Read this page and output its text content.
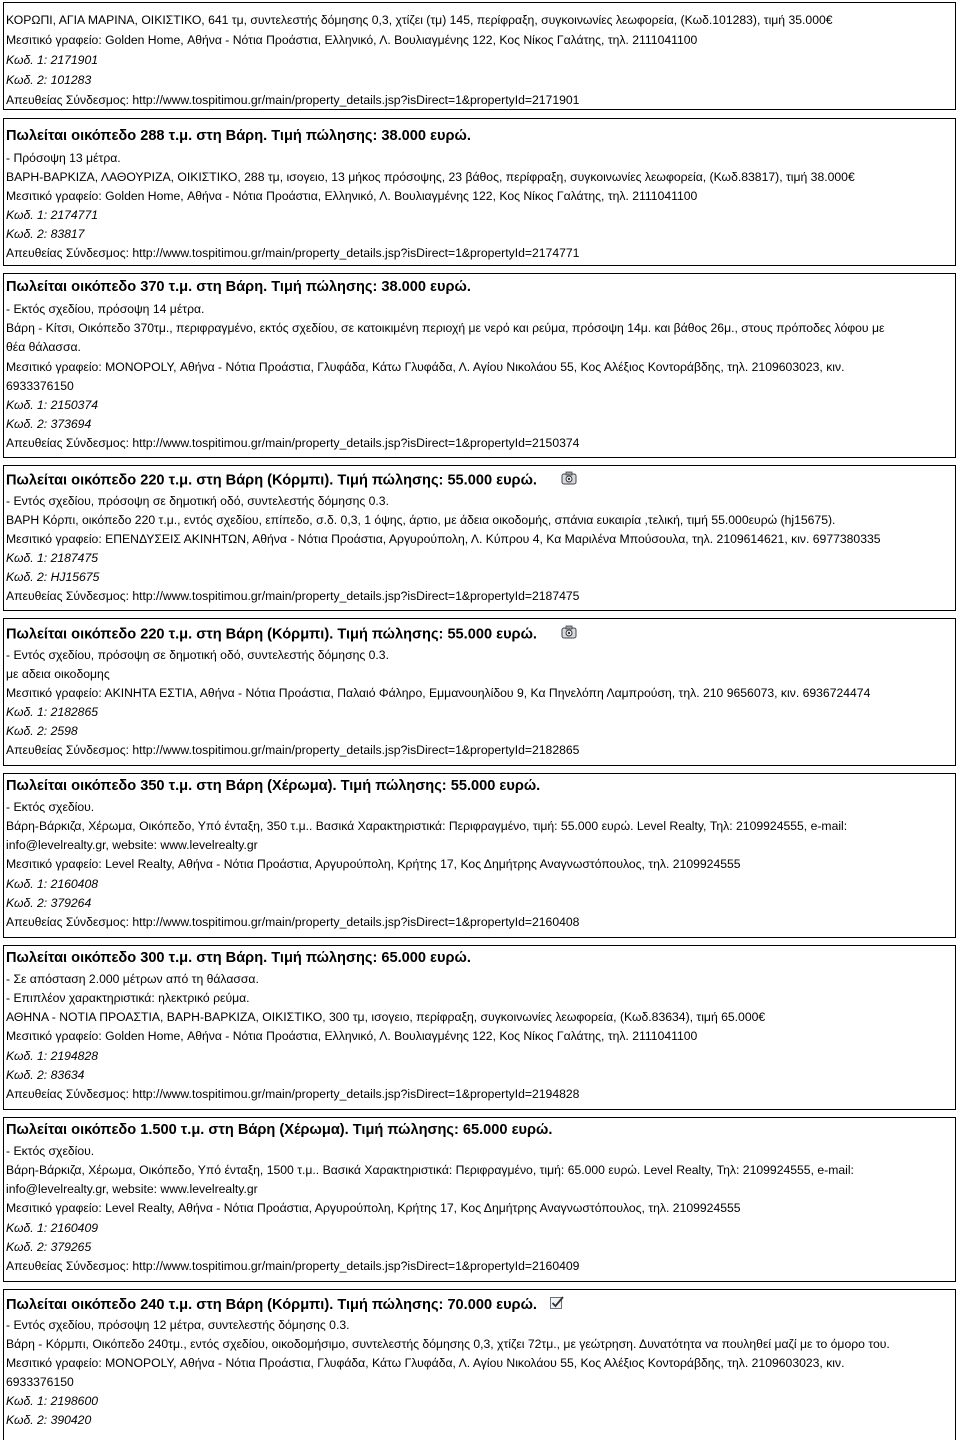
ΚΟΡΩΠΙ, ΑΓΙΑ ΜΑΡΙΝΑ, ΟΙΚΙΣΤΙΚΟ, 641 τμ, συντελεστής δόμησης 0,3, χτίζει (τμ) 145, περίφραξη, συγκοινωνίες λεωφορεία, (Κωδ.101283), τιμή 35.000€
Μεσιτικό γραφείο: Golden Home, Αθήνα - Νότια Προάστια, Ελληνικό, Λ. Βουλιαγμένης 122, Κος Νίκος Γαλάτης, τηλ. 2111041100
Κωδ. 1: 2171901
Κωδ. 2: 101283
Απευθείας Σύνδεσμος: http://www.tospitimou.gr/main/property_details.jsp?isDirect=1&propertyId=2171901
Πωλείται οικόπεδο 288 τ.μ. στη Βάρη. Τιμή πώλησης: 38.000 ευρώ.
- Πρόσοψη 13 μέτρα.
ΒΑΡΗ-ΒΑΡΚΙΖΑ, ΛΑΘΟΥΡΙΖΑ, ΟΙΚΙΣΤΙΚΟ, 288 τμ, ισογειο, 13 μήκος πρόσοψης, 23 βάθος, περίφραξη, συγκοινωνίες λεωφορεία, (Κωδ.83817), τιμή 38.000€
Μεσιτικό γραφείο: Golden Home, Αθήνα - Νότια Προάστια, Ελληνικό, Λ. Βουλιαγμένης 122, Κος Νίκος Γαλάτης, τηλ. 2111041100
Κωδ. 1: 2174771
Κωδ. 2: 83817
Απευθείας Σύνδεσμος: http://www.tospitimou.gr/main/property_details.jsp?isDirect=1&propertyId=2174771
Πωλείται οικόπεδο 370 τ.μ. στη Βάρη. Τιμή πώλησης: 38.000 ευρώ.
- Εκτός σχεδίου, πρόσοψη 14 μέτρα.
Βάρη - Κίτσι, Οικόπεδο 370τμ., περιφραγμένο, εκτός σχεδίου, σε κατοικιμένη περιοχή με νερό και ρεύμα, πρόσοψη 14μ. και βάθος 26μ., στους πρόποδες λόφου με
θέα θάλασσα.
Μεσιτικό γραφείο: MONOPOLY, Αθήνα - Νότια Προάστια, Γλυφάδα, Κάτω Γλυφάδα, Λ. Αγίου Νικολάου 55, Κος Αλέξιος Κοντοράβδης, τηλ. 2109603023, κιν.
6933376150
Κωδ. 1: 2150374
Κωδ. 2: 373694
Απευθείας Σύνδεσμος: http://www.tospitimou.gr/main/property_details.jsp?isDirect=1&propertyId=2150374
Πωλείται οικόπεδο 220 τ.μ. στη Βάρη (Κόρμπι). Τιμή πώλησης: 55.000 ευρώ.
- Εντός σχεδίου, πρόσοψη σε δημοτική οδό, συντελεστής δόμησης 0.3.
ΒΑΡΗ Κόρπι, οικόπεδο 220 τ.μ., εντός σχεδίου, επίπεδο, σ.δ. 0,3, 1 όψης, άρτιο, με άδεια οικοδομής, σπάνια ευκαιρία ,τελική, τιμή 55.000ευρώ (hj15675).
Μεσιτικό γραφείο: ΕΠΕΝΔΥΣΕΙΣ ΑΚΙΝΗΤΩΝ, Αθήνα - Νότια Προάστια, Αργυρούπολη, Λ. Κύπρου 4, Κα Μαριλένα Μπούσουλα, τηλ. 2109614621, κιν. 6977380335
Κωδ. 1: 2187475
Κωδ. 2: HJ15675
Απευθείας Σύνδεσμος: http://www.tospitimou.gr/main/property_details.jsp?isDirect=1&propertyId=2187475
Πωλείται οικόπεδο 220 τ.μ. στη Βάρη (Κόρμπι). Τιμή πώλησης: 55.000 ευρώ.
- Εντός σχεδίου, πρόσοψη σε δημοτική οδό, συντελεστής δόμησης 0.3.
με αδεια οικοδομης
Μεσιτικό γραφείο: ΑΚΙΝΗΤΑ ΕΣΤΙΑ, Αθήνα - Νότια Προάστια, Παλαιό Φάληρο, Εμμανουηλίδου 9, Κα Πηνελόπη Λαμπρούση, τηλ. 210 9656073, κιν. 6936724474
Κωδ. 1: 2182865
Κωδ. 2: 2598
Απευθείας Σύνδεσμος: http://www.tospitimou.gr/main/property_details.jsp?isDirect=1&propertyId=2182865
Πωλείται οικόπεδο 350 τ.μ. στη Βάρη (Χέρωμα). Τιμή πώλησης: 55.000 ευρώ.
- Εκτός σχεδίου.
Βάρη-Βάρκιζα, Χέρωμα, Οικόπεδο, Υπό ένταξη, 350 τ.μ.. Βασικά Χαρακτηριστικά: Περιφραγμένο, τιμή: 55.000 ευρώ. Level Realty, Τηλ: 2109924555, e-mail:
info@levelrealty.gr, website: www.levelrealty.gr
Μεσιτικό γραφείο: Level Realty, Αθήνα - Νότια Προάστια, Αργυρούπολη, Κρήτης 17, Κος Δημήτρης Αναγνωστόπουλος, τηλ. 2109924555
Κωδ. 1: 2160408
Κωδ. 2: 379264
Απευθείας Σύνδεσμος: http://www.tospitimou.gr/main/property_details.jsp?isDirect=1&propertyId=2160408
Πωλείται οικόπεδο 300 τ.μ. στη Βάρη. Τιμή πώλησης: 65.000 ευρώ.
- Σε απόσταση 2.000 μέτρων από τη θάλασσα.
- Επιπλέον χαρακτηριστικά: ηλεκτρικό ρεύμα.
ΑΘΗΝΑ - ΝΟΤΙΑ ΠΡΟΑΣΤΙΑ, ΒΑΡΗ-ΒΑΡΚΙΖΑ, ΟΙΚΙΣΤΙΚΟ, 300 τμ, ισογειο, περίφραξη, συγκοινωνίες λεωφορεία, (Κωδ.83634), τιμή 65.000€
Μεσιτικό γραφείο: Golden Home, Αθήνα - Νότια Προάστια, Ελληνικό, Λ. Βουλιαγμένης 122, Κος Νίκος Γαλάτης, τηλ. 2111041100
Κωδ. 1: 2194828
Κωδ. 2: 83634
Απευθείας Σύνδεσμος: http://www.tospitimou.gr/main/property_details.jsp?isDirect=1&propertyId=2194828
Πωλείται οικόπεδο 1.500 τ.μ. στη Βάρη (Χέρωμα). Τιμή πώλησης: 65.000 ευρώ.
- Εκτός σχεδίου.
Βάρη-Βάρκιζα, Χέρωμα, Οικόπεδο, Υπό ένταξη, 1500 τ.μ.. Βασικά Χαρακτηριστικά: Περιφραγμένο, τιμή: 65.000 ευρώ. Level Realty, Τηλ: 2109924555, e-mail:
info@levelrealty.gr, website: www.levelrealty.gr
Μεσιτικό γραφείο: Level Realty, Αθήνα - Νότια Προάστια, Αργυρούπολη, Κρήτης 17, Κος Δημήτρης Αναγνωστόπουλος, τηλ. 2109924555
Κωδ. 1: 2160409
Κωδ. 2: 379265
Απευθείας Σύνδεσμος: http://www.tospitimou.gr/main/property_details.jsp?isDirect=1&propertyId=2160409
Πωλείται οικόπεδο 240 τ.μ. στη Βάρη (Κόρμπι). Τιμή πώλησης: 70.000 ευρώ.
- Εντός σχεδίου, πρόσοψη 12 μέτρα, συντελεστής δόμησης 0.3.
Βάρη - Κόρμπι, Οικόπεδο 240τμ., εντός σχεδίου, οικοδομήσιμο, συντελεστής δόμησης 0,3, χτίζει 72τμ., με γεώτρηση. Δυνατότητα να πουληθεί μαζί με το όμορο του.
Μεσιτικό γραφείο: MONOPOLY, Αθήνα - Νότια Προάστια, Γλυφάδα, Κάτω Γλυφάδα, Λ. Αγίου Νικολάου 55, Κος Αλέξιος Κοντοράβδης, τηλ. 2109603023, κιν.
6933376150
Κωδ. 1: 2198600
Κωδ. 2: 390420
